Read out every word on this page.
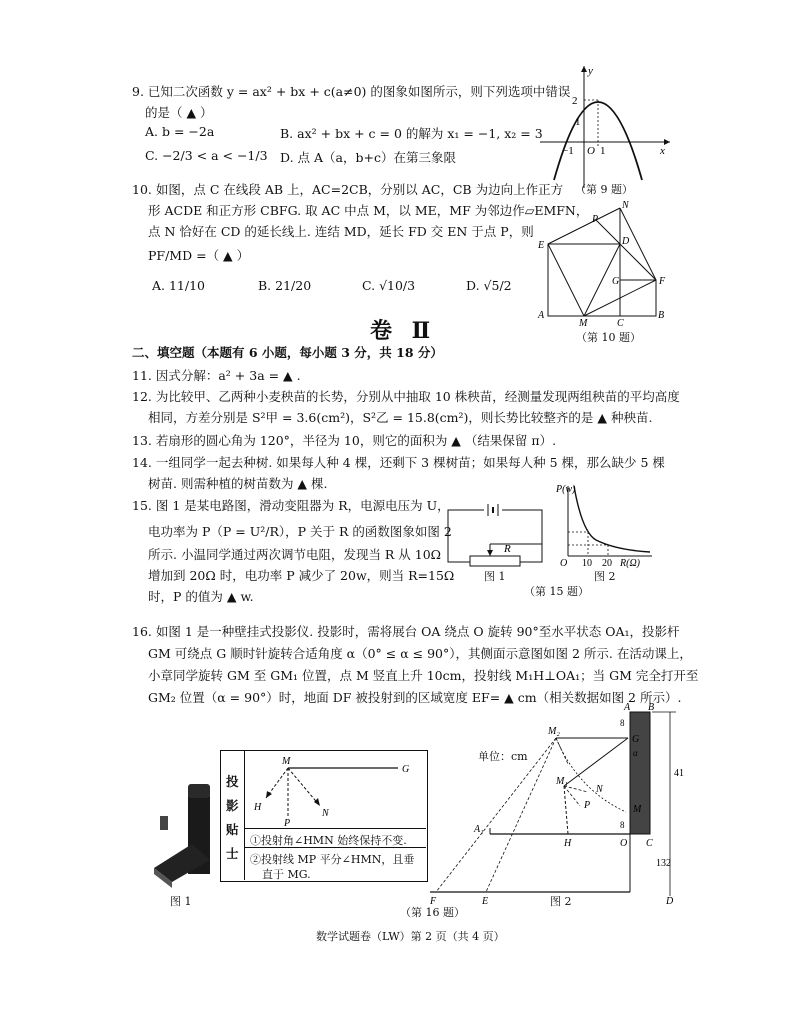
9. 已知二次函数 y = ax² + bx + c(a≠0) 的图象如图所示，则下列选项中错误
的是（ ▲ ）
A. b = −2a	B. ax² + bx + c = 0 的解为 x₁ = −1, x₂ = 3
C. −2/3 < a < −1/3 D. 点 A（a，b+c）在第三象限
2
1
O
−1 1	x
y
（第 9 题）
10. 如图，点 C 在线段 AB 上，AC=2CB，分别以 AC，CB 为边向上作正方
形 ACDE 和正方形 CBFG. 取 AC 中点 M，以 ME，MF 为邻边作▱EMFN，
点 N 恰好在 CD 的延长线上. 连结 MD，延长 FD 交 EN 于点 P，则
PF/MD =（ ▲ ）
A. 11/10	B. 21/20	C. √10/3	D. √5/2
N
P
E	D
G	F
A
M	C
B
（第 10 题）
卷 Ⅱ
二、填空题（本题有 6 小题，每小题 3 分，共 18 分）
11. 因式分解：a² + 3a = ▲ .
12. 为比较甲、乙两种小麦秧苗的长势，分别从中抽取 10 株秧苗，经测量发现两组秧苗的平均高度
相同，方差分别是 S²甲 = 3.6(cm²)，S²乙 = 15.8(cm²)，则长势比较整齐的是 ▲ 种秧苗.
13. 若扇形的圆心角为 120°，半径为 10，则它的面积为 ▲ （结果保留 π）.
14. 一组同学一起去种树. 如果每人种 4 棵，还剩下 3 棵树苗；如果每人种 5 棵，那么缺少 5 棵
树苗. 则需种植的树苗数为 ▲ 棵.
15. 图 1 是某电路图，滑动变阻器为 R，电源电压为 U，
电功率为 P（P = U²/R），P 关于 R 的函数图象如图 2
所示. 小温同学通过两次调节电阻，发现当 R 从 10Ω
增加到 20Ω 时，电功率 P 减少了 20w，则当 R=15Ω
时，P 的值为 ▲ w.
R
图 1
P(w)
O 10 20 R(Ω)
（第 15 题）
图 2
16. 如图 1 是一种壁挂式投影仪. 投影时，需将展台 OA 绕点 O 旋转 90°至水平状态 OA₁，投影杆
GM 可绕点 G 顺时针旋转合适角度 α（0° ≤ α ≤ 90°），其侧面示意图如图 2 所示. 在活动课上，
小章同学旋转 GM 至 GM₁ 位置，点 M 竖直上升 10cm，投射线 M₁H⊥OA₁；当 GM 完全打开至
GM₂ 位置（α = 90°）时，地面 DF 被投射到的区域宽度 EF= ▲ cm（相关数据如图 2 所示）.
图 1
投影贴士
M
G
H
P
N
①投射角∠HMN 始终保持不变.
②投射线 MP 平分∠HMN，且垂
直于 MG.
单位：cm
A B
M₂
G
8
α
N
M₁
P	M
41
A₁
H	O C
8
132
F	E	D
图 2
（第 16 题）
数学试题卷（LW）第 2 页（共 4 页）
